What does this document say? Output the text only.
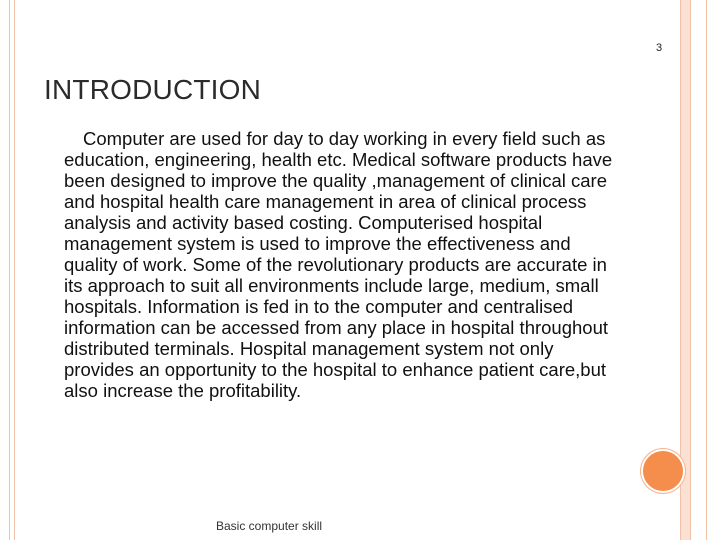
3
INTRODUCTION

Computer are used for day to day working in every field such as education, engineering, health etc. Medical software products have been designed to improve the quality ,management of clinical care and hospital health care management in area of clinical process analysis and activity based costing. Computerised hospital management system is used to improve the effectiveness and quality of work. Some of the revolutionary products are accurate in its approach to suit all environments include large, medium, small hospitals. Information is fed in to the computer and centralised information can be accessed from any place in hospital throughout distributed terminals. Hospital management system not only provides an opportunity to the hospital to enhance patient care,but also increase the profitability.

Basic computer skill
